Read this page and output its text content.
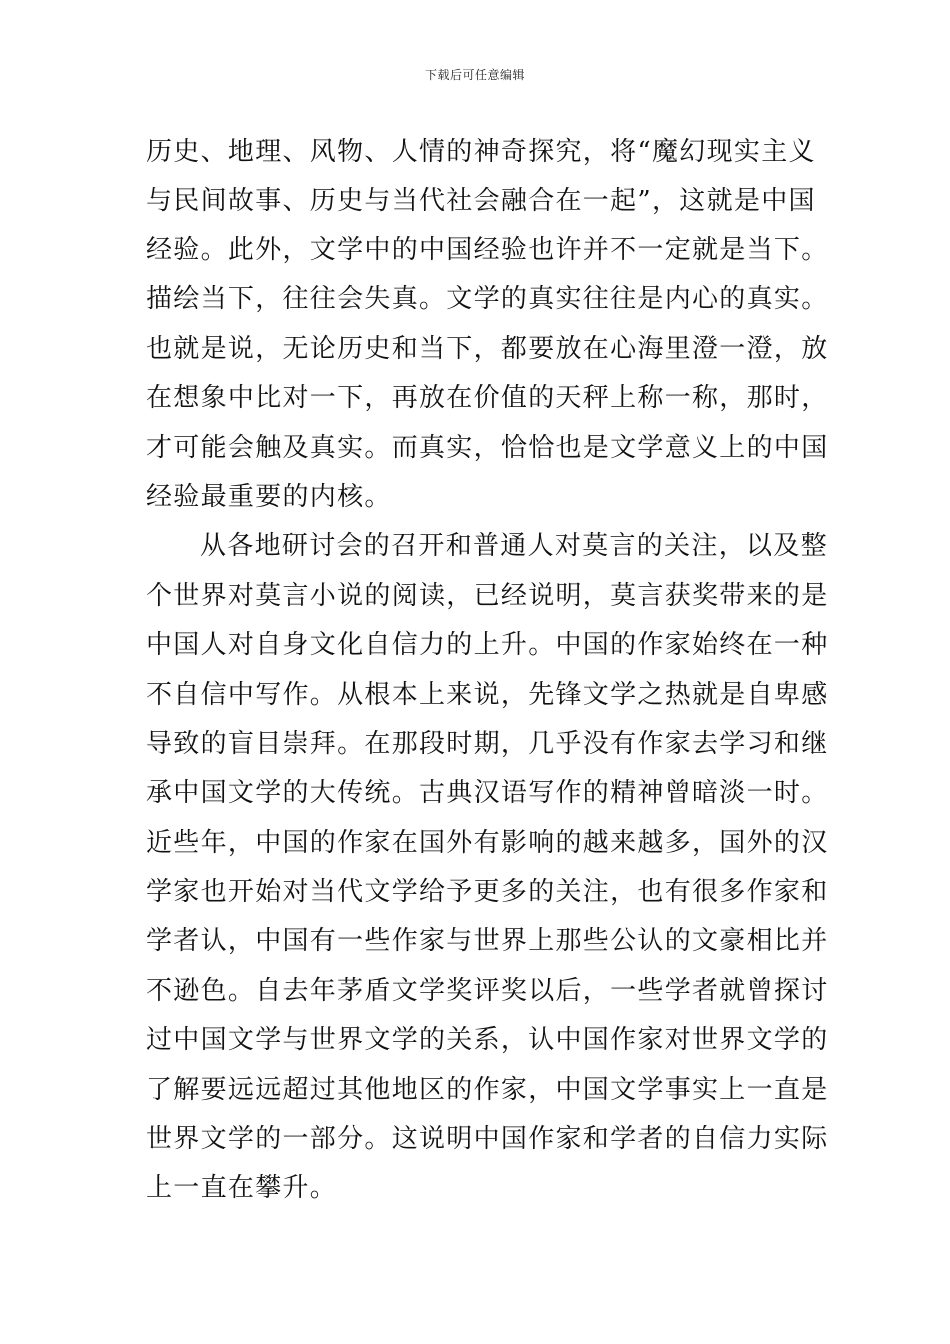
下载后可任意编辑
历史、地理、风物、人情的神奇探究，将“魔幻现实主义
与民间故事、历史与当代社会融合在一起”，这就是中国
经验。此外，文学中的中国经验也许并不一定就是当下。
描绘当下，往往会失真。文学的真实往往是内心的真实。
也就是说，无论历史和当下，都要放在心海里澄一澄，放
在想象中比对一下，再放在价值的天秤上称一称，那时，
才可能会触及真实。而真实，恰恰也是文学意义上的中国
经验最重要的内核。
从各地研讨会的召开和普通人对莫言的关注，以及整
个世界对莫言小说的阅读，已经说明，莫言获奖带来的是
中国人对自身文化自信力的上升。中国的作家始终在一种
不自信中写作。从根本上来说，先锋文学之热就是自卑感
导致的盲目崇拜。在那段时期，几乎没有作家去学习和继
承中国文学的大传统。古典汉语写作的精神曾暗淡一时。
近些年，中国的作家在国外有影响的越来越多，国外的汉
学家也开始对当代文学给予更多的关注，也有很多作家和
学者认，中国有一些作家与世界上那些公认的文豪相比并
不逊色。自去年茅盾文学奖评奖以后，一些学者就曾探讨
过中国文学与世界文学的关系，认中国作家对世界文学的
了解要远远超过其他地区的作家，中国文学事实上一直是
世界文学的一部分。这说明中国作家和学者的自信力实际
上一直在攀升。
